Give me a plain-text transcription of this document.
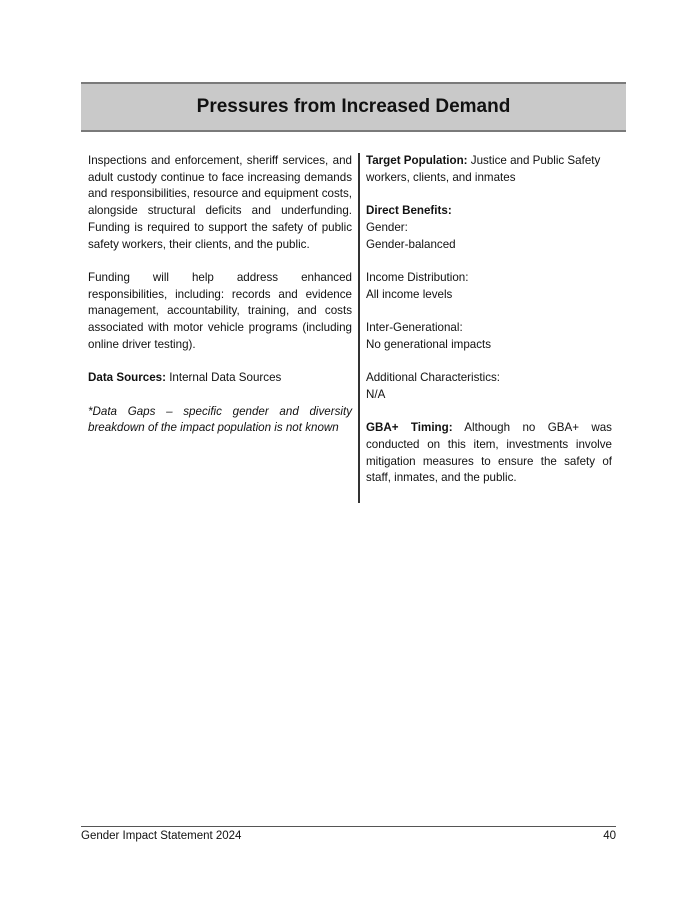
Pressures from Increased Demand

Inspections and enforcement, sheriff services, and adult custody continue to face increasing demands and responsibilities, resource and equipment costs, alongside structural deficits and underfunding. Funding is required to support the safety of public safety workers, their clients, and the public.

Funding will help address enhanced responsibilities, including: records and evidence management, accountability, training, and costs associated with motor vehicle programs (including online driver testing).

Data Sources: Internal Data Sources

*Data Gaps – specific gender and diversity breakdown of the impact population is not known

Target Population: Justice and Public Safety workers, clients, and inmates

Direct Benefits:

Gender:

Gender-balanced

Income Distribution:

All income levels

Inter-Generational:

No generational impacts

Additional Characteristics:

N/A

GBA+ Timing: Although no GBA+ was conducted on this item, investments involve mitigation measures to ensure the safety of staff, inmates, and the public.

Gender Impact Statement 2024	40
